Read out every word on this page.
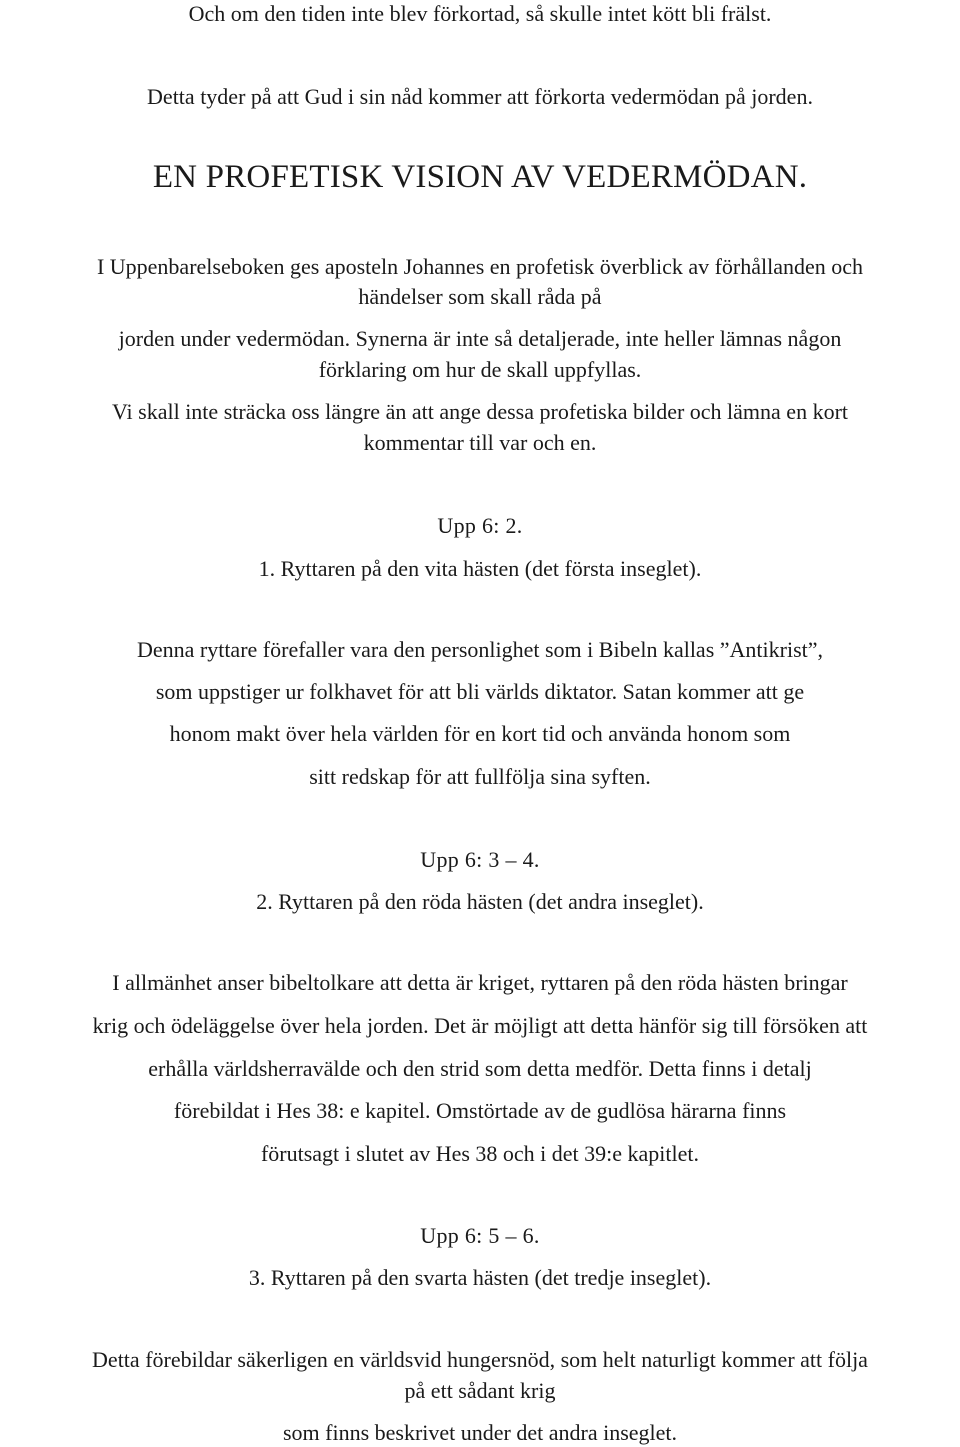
Och om den tiden inte blev förkortad, så skulle intet kött bli frälst.
Detta tyder på att Gud i sin nåd kommer att förkorta vedermödan på jorden.
EN PROFETISK VISION AV VEDERMÖDAN.
I Uppenbarelseboken ges aposteln Johannes en profetisk överblick av förhållanden och
händelser som skall råda på
jorden under vedermödan. Synerna är inte så detaljerade, inte heller lämnas någon
förklaring om hur de skall uppfyllas.
Vi skall inte sträcka oss längre än att ange dessa profetiska bilder och lämna en kort
kommentar till var och en.
Upp 6: 2.
1. Ryttaren på den vita hästen (det första inseglet).
Denna ryttare förefaller vara den personlighet som i Bibeln kallas ”Antikrist”,
som uppstiger ur folkhavet för att bli världs diktator. Satan kommer att ge
honom makt över hela världen för en kort tid och använda honom som
sitt redskap för att fullfölja sina syften.
Upp 6: 3 – 4.
2. Ryttaren på den röda hästen (det andra inseglet).
I allmänhet anser bibeltolkare att detta är kriget, ryttaren på den röda hästen bringar
krig och ödeläggelse över hela jorden. Det är möjligt att detta hänför sig till försöken att
erhålla världsherravälde och den strid som detta medför. Detta finns i detalj
förebildat i Hes 38: e kapitel. Omstörtade av de gudlösa härarna finns
förutsagt i slutet av Hes 38 och i det 39:e kapitlet.
Upp 6: 5 – 6.
3. Ryttaren på den svarta hästen (det tredje inseglet).
Detta förebildar säkerligen en världsvid hungersnöd, som helt naturligt kommer att följa
på ett sådant krig
som finns beskrivet under det andra inseglet.
